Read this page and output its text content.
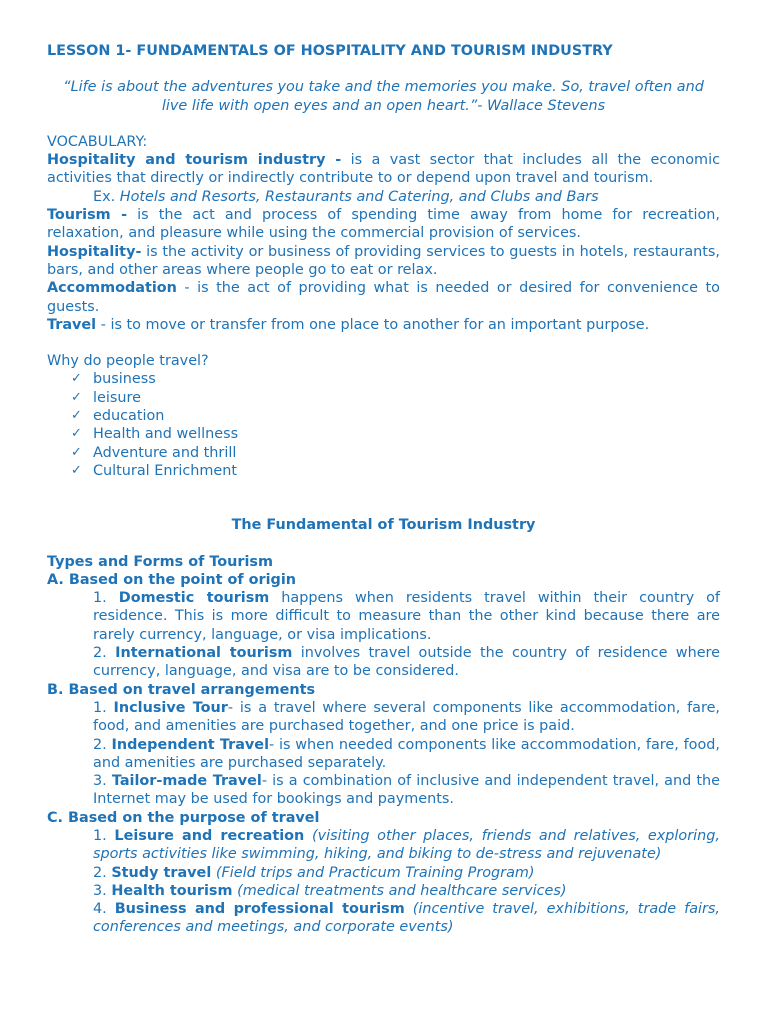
LESSON 1- FUNDAMENTALS OF HOSPITALITY AND TOURISM INDUSTRY
“Life is about the adventures you take and the memories you make. So, travel often and live life with open eyes and an open heart.”- Wallace Stevens
VOCABULARY:
Hospitality and tourism industry - is a vast sector that includes all the economic activities that directly or indirectly contribute to or depend upon travel and tourism.
Ex. Hotels and Resorts, Restaurants and Catering, and Clubs and Bars
Tourism - is the act and process of spending time away from home for recreation, relaxation, and pleasure while using the commercial provision of services.
Hospitality- is the activity or business of providing services to guests in hotels, restaurants, bars, and other areas where people go to eat or relax.
Accommodation - is the act of providing what is needed or desired for convenience to guests.
Travel - is to move or transfer from one place to another for an important purpose.
Why do people travel?
✓ business
✓ leisure
✓ education
✓ Health and wellness
✓ Adventure and thrill
✓ Cultural Enrichment
The Fundamental of Tourism Industry
Types and Forms of Tourism
A. Based on the point of origin
1. Domestic tourism happens when residents travel within their country of residence. This is more difficult to measure than the other kind because there are rarely currency, language, or visa implications.
2. International tourism involves travel outside the country of residence where currency, language, and visa are to be considered.
B. Based on travel arrangements
1. Inclusive Tour- is a travel where several components like accommodation, fare, food, and amenities are purchased together, and one price is paid.
2. Independent Travel- is when needed components like accommodation, fare, food, and amenities are purchased separately.
3. Tailor-made Travel- is a combination of inclusive and independent travel, and the Internet may be used for bookings and payments.
C. Based on the purpose of travel
1. Leisure and recreation (visiting other places, friends and relatives, exploring, sports activities like swimming, hiking, and biking to de-stress and rejuvenate)
2. Study travel (Field trips and Practicum Training Program)
3. Health tourism (medical treatments and healthcare services)
4. Business and professional tourism (incentive travel, exhibitions, trade fairs, conferences and meetings, and corporate events)
